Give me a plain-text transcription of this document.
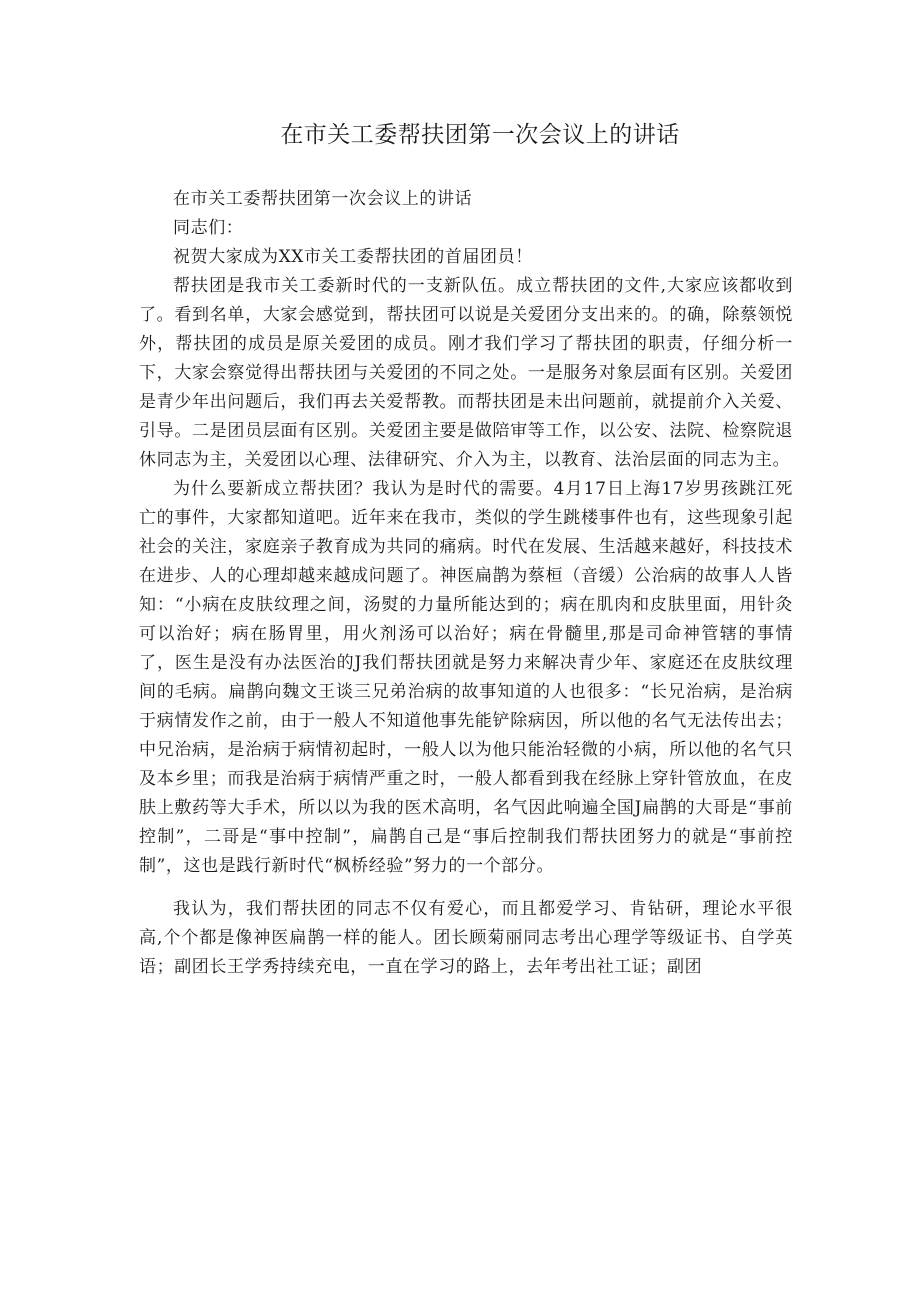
在市关工委帮扶团第一次会议上的讲话

在市关工委帮扶团第一次会议上的讲话

同志们：

祝贺大家成为XX市关工委帮扶团的首届团员！

帮扶团是我市关工委新时代的一支新队伍。成立帮扶团的文件,大家应该都收到了。看到名单，大家会感觉到，帮扶团可以说是关爱团分支出来的。的确，除蔡领悦外，帮扶团的成员是原关爱团的成员。刚才我们学习了帮扶团的职责，仔细分析一下，大家会察觉得出帮扶团与关爱团的不同之处。一是服务对象层面有区别。关爱团是青少年出问题后，我们再去关爱帮教。而帮扶团是未出问题前，就提前介入关爱、引导。二是团员层面有区别。关爱团主要是做陪审等工作，以公安、法院、检察院退休同志为主，关爱团以心理、法律研究、介入为主，以教育、法治层面的同志为主。

为什么要新成立帮扶团？我认为是时代的需要。4月17日上海17岁男孩跳江死亡的事件，大家都知道吧。近年来在我市，类似的学生跳楼事件也有，这些现象引起社会的关注，家庭亲子教育成为共同的痛病。时代在发展、生活越来越好，科技技术在进步、人的心理却越来越成问题了。神医扁鹊为蔡桓（音缓）公治病的故事人人皆知：“小病在皮肤纹理之间，汤熨的力量所能达到的；病在肌肉和皮肤里面，用针灸可以治好；病在肠胃里，用火剂汤可以治好；病在骨髓里,那是司命神管辖的事情了，医生是没有办法医治的J我们帮扶团就是努力来解决青少年、家庭还在皮肤纹理间的毛病。扁鹊向魏文王谈三兄弟治病的故事知道的人也很多：“长兄治病，是治病于病情发作之前，由于一般人不知道他事先能铲除病因，所以他的名气无法传出去；中兄治病，是治病于病情初起时，一般人以为他只能治轻微的小病，所以他的名气只及本乡里；而我是治病于病情严重之时，一般人都看到我在经脉上穿针管放血，在皮肤上敷药等大手术，所以以为我的医术高明，名气因此响遍全国J扁鹊的大哥是“事前控制”，二哥是“事中控制”，扁鹊自己是“事后控制我们帮扶团努力的就是“事前控制”，这也是践行新时代“枫桥经验”努力的一个部分。

我认为，我们帮扶团的同志不仅有爱心，而且都爱学习、肯钻研，理论水平很高,个个都是像神医扁鹊一样的能人。团长顾菊丽同志考出心理学等级证书、自学英语；副团长王学秀持续充电，一直在学习的路上，去年考出社工证；副团
